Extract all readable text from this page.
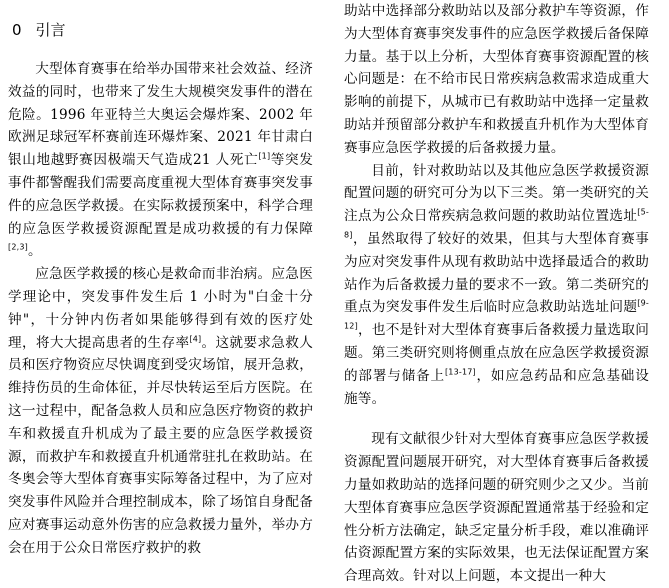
0 引言

大型体育赛事在给举办国带来社会效益、经济效益的同时，也带来了发生大规模突发事件的潜在危险。1996 年亚特兰大奥运会爆炸案、2002 年欧洲足球冠军杯赛前连环爆炸案、2021 年甘肃白银山地越野赛因极端天气造成21 人死亡[1]等突发事件都警醒我们需要高度重视大型体育赛事突发事件的应急医学救援。在实际救援预案中，科学合理的应急医学救援资源配置是成功救援的有力保障[2,3]。

应急医学救援的核心是救命而非治病。应急医学理论中，突发事件发生后 1 小时为"白金十分钟"，十分钟内伤者如果能够得到有效的医疗处理，将大大提高患者的生存率[4]。这就要求急救人员和医疗物资应尽快调度到受灾场馆，展开急救，维持伤员的生命体征，并尽快转运至后方医院。在这一过程中，配备急救人员和应急医疗物资的救护车和救援直升机成为了最主要的应急医学救援资源，而救护车和救援直升机通常驻扎在救助站。在冬奥会等大型体育赛事实际筹备过程中，为了应对突发事件风险并合理控制成本，除了场馆自身配备应对赛事运动意外伤害的应急救援力量外，举办方会在用于公众日常医疗救护的救

助站中选择部分救助站以及部分救护车等资源，作为大型体育赛事突发事件的应急医学救援后备保障力量。基于以上分析，大型体育赛事资源配置的核心问题是：在不给市民日常疾病急救需求造成重大影响的前提下，从城市已有救助站中选择一定量救助站并预留部分救护车和救援直升机作为大型体育赛事应急医学救援的后备救援力量。

目前，针对救助站以及其他应急医学救援资源配置问题的研究可分为以下三类。第一类研究的关注点为公众日常疾病急救问题的救助站位置选址[5-8]，虽然取得了较好的效果，但其与大型体育赛事为应对突发事件从现有救助站中选择最适合的救助站作为后备救援力量的要求不一致。第二类研究的重点为突发事件发生后临时应急救助站选址问题[9-12]，也不是针对大型体育赛事后备救援力量选取问题。第三类研究则将侧重点放在应急医学救援资源的部署与储备上[13-17]，如应急药品和应急基础设施等。

现有文献很少针对大型体育赛事应急医学救援资源配置问题展开研究，对大型体育赛事后备救援力量如救助站的选择问题的研究则少之又少。当前大型体育赛事应急医学资源配置通常基于经验和定性分析方法确定，缺乏定量分析手段，难以准确评估资源配置方案的实际效果，也无法保证配置方案合理高效。针对以上问题，本文提出一种大
